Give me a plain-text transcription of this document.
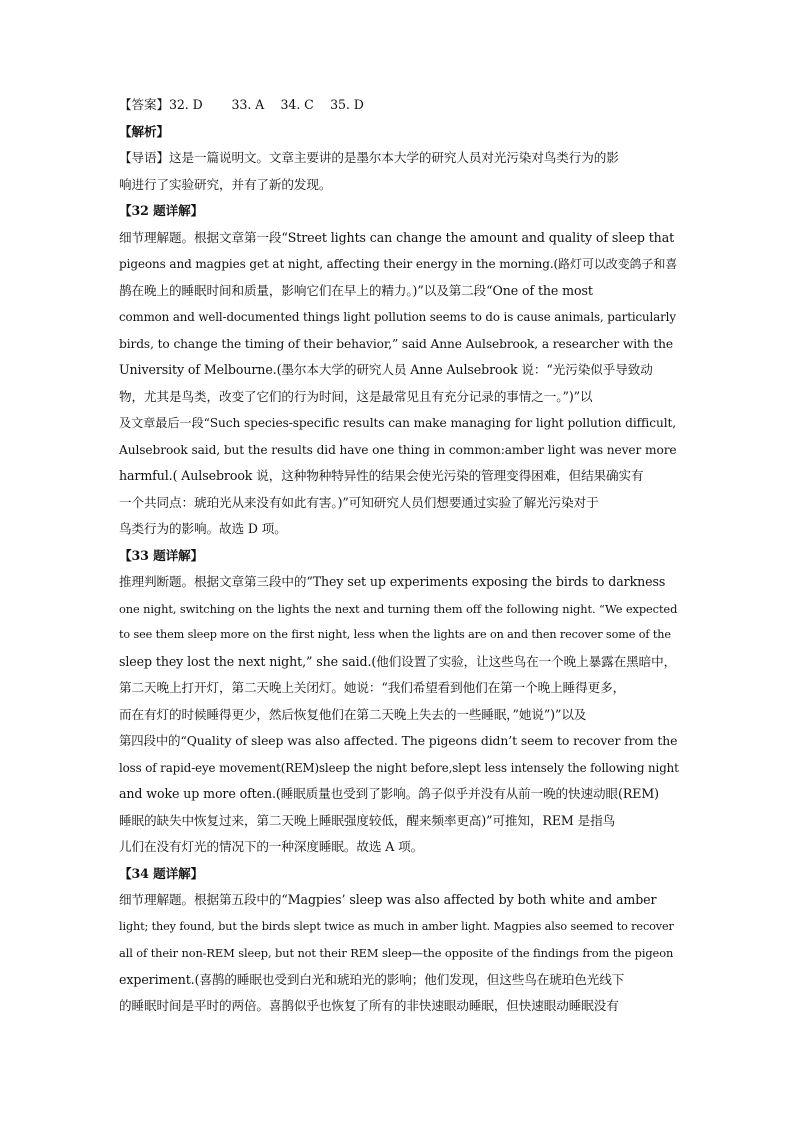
【答案】32. D　　 33. A　 34. C　 35. D
【解析】
【导语】这是一篇说明文。文章主要讲的是墨尔本大学的研究人员对光污染对鸟类行为的影
响进行了实验研究，并有了新的发现。
【32 题详解】
细节理解题。根据文章第一段“Street lights can change the amount and quality of sleep that
pigeons and magpies get at night, affecting their energy in the morning.(路灯可以改变鸽子和喜
鹊在晚上的睡眠时间和质量，影响它们在早上的精力。)”以及第二段“One of the most
common and well-documented things light pollution seems to do is cause animals, particularly
birds, to change the timing of their behavior,” said Anne Aulsebrook, a researcher with the
University of Melbourne.(墨尔本大学的研究人员 Anne Aulsebrook 说：“光污染似乎导致动
物，尤其是鸟类，改变了它们的行为时间，这是最常见且有充分记录的事情之一。”)”以
及文章最后一段“Such species-specific results can make managing for light pollution difficult,
Aulsebrook said, but the results did have one thing in common:amber light was never more
harmful.( Aulsebrook 说，这种物种特异性的结果会使光污染的管理变得困难，但结果确实有
一个共同点：琥珀光从来没有如此有害。)”可知研究人员们想要通过实验了解光污染对于
鸟类行为的影响。故选 D 项。
【33 题详解】
推理判断题。根据文章第三段中的“They set up experiments exposing the birds to darkness
one night, switching on the lights the next and turning them off the following night. “We expected
to see them sleep more on the first night, less when the lights are on and then recover some of the
sleep they lost the next night,” she said.(他们设置了实验，让这些鸟在一个晚上暴露在黑暗中，
第二天晚上打开灯，第二天晚上关闭灯。她说：“我们希望看到他们在第一个晚上睡得更多，
而在有灯的时候睡得更少，然后恢复他们在第二天晚上失去的一些睡眠，”她说”)”以及
第四段中的“Quality of sleep was also affected. The pigeons didn’t seem to recover from the
loss of rapid-eye movement(REM)sleep the night before,slept less intensely the following night
and woke up more often.(睡眠质量也受到了影响。鸽子似乎并没有从前一晚的快速动眼(REM)
睡眠的缺失中恢复过来，第二天晚上睡眠强度较低，醒来频率更高)”可推知，REM 是指鸟
儿们在没有灯光的情况下的一种深度睡眠。故选 A 项。
【34 题详解】
细节理解题。根据第五段中的“Magpies’ sleep was also affected by both white and amber
light; they found, but the birds slept twice as much in amber light. Magpies also seemed to recover
all of their non-REM sleep, but not their REM sleep—the opposite of the findings from the pigeon
experiment.(喜鹊的睡眠也受到白光和琥珀光的影响；他们发现，但这些鸟在琥珀色光线下
的睡眠时间是平时的两倍。喜鹊似乎也恢复了所有的非快速眼动睡眠，但快速眼动睡眠没有
